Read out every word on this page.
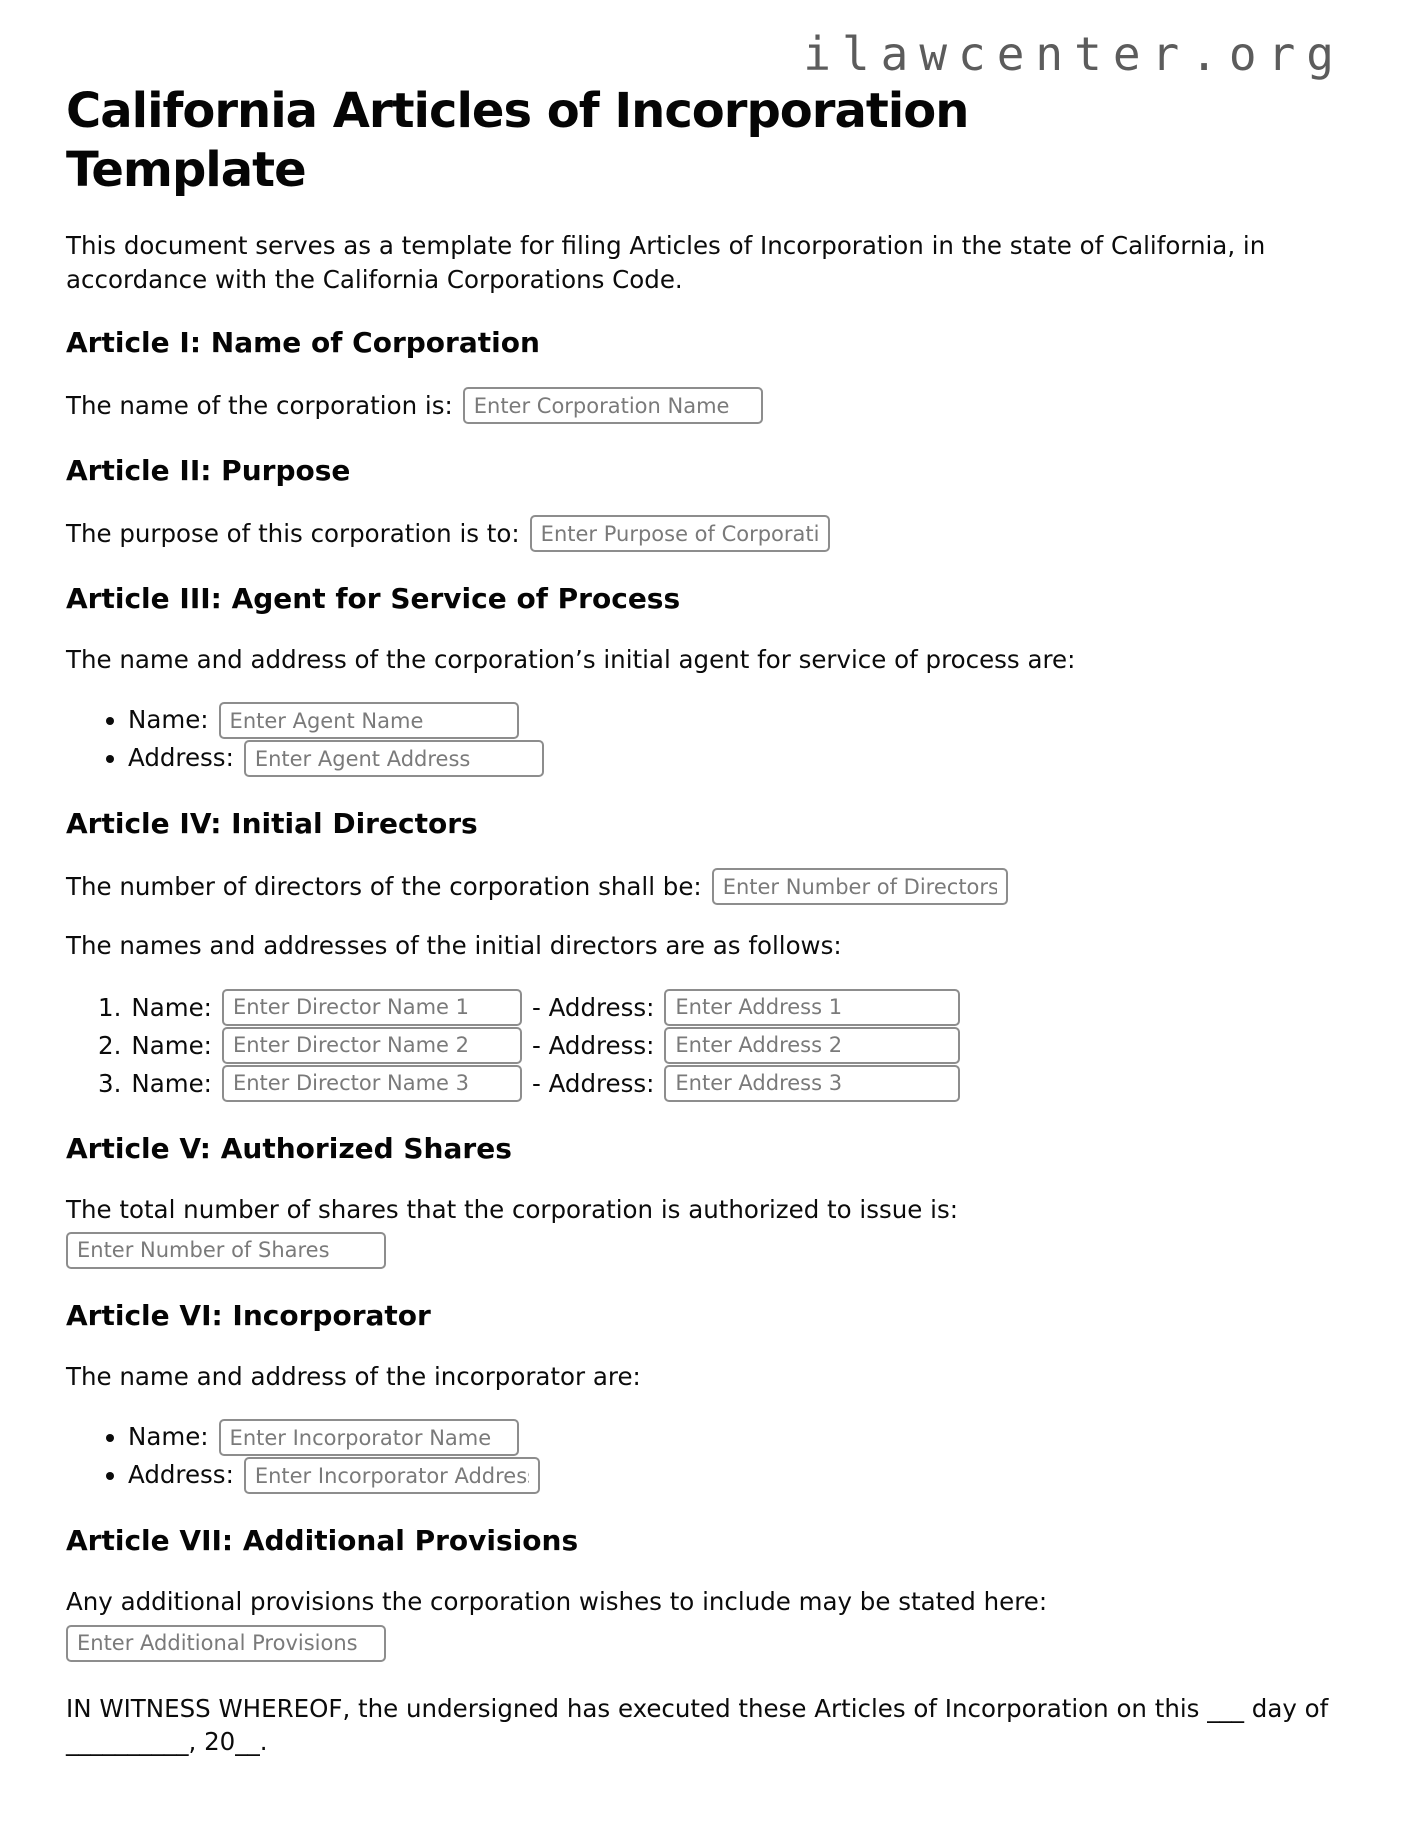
ilawcenter.org
California Articles of Incorporation Template

This document serves as a template for filing Articles of Incorporation in the state of California, in accordance with the California Corporations Code.

Article I: Name of Corporation

The name of the corporation is:
Enter Corporation Name

Article II: Purpose

The purpose of this corporation is to:
Enter Purpose of Corporation

Article III: Agent for Service of Process

The name and address of the corporation’s initial agent for service of process are:

• Name:Enter Agent Name
• Address:Enter Agent Address
Article IV: Initial Directors

The number of directors of the corporation shall be:
Enter Number of Directors

The names and addresses of the initial directors are as follows:

1. Name:
Enter Director Name 1	- Address:
Enter Address 1
2. Name:
Enter Director Name 2	- Address:
Enter Address 2
3. Name:
Enter Director Name 3	- Address:
Enter Address 3
Article V: Authorized Shares

The total number of shares that the corporation is authorized to issue is:

Enter Number of Shares
Article VI: Incorporator

The name and address of the incorporator are:

• Name:Enter Incorporator Name
• Address:Enter Incorporator Address
Article VII: Additional Provisions

Any additional provisions the corporation wishes to include may be stated here:

Enter Additional Provisions

IN WITNESS WHEREOF, the undersigned has executed these Articles of Incorporation on this ___ day of __________, 20__.
